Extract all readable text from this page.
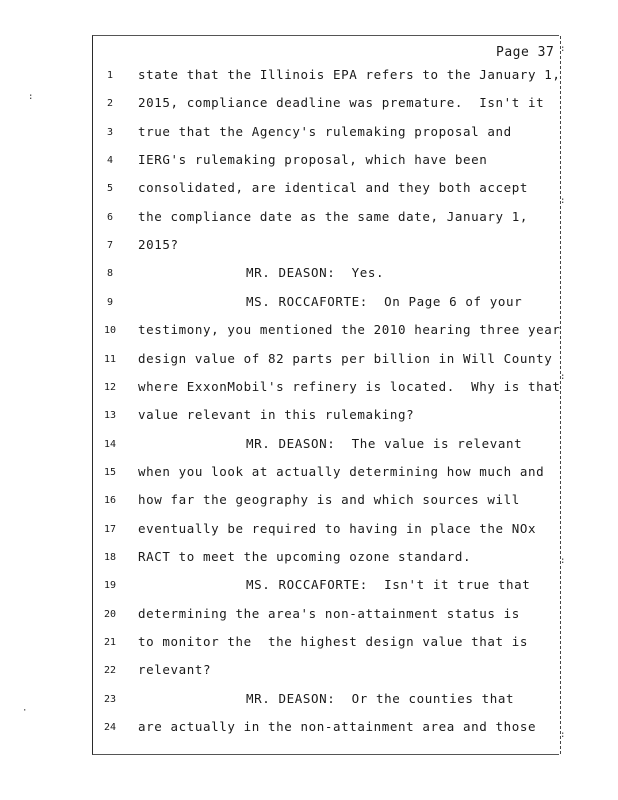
Page 37
1	state that the Illinois EPA refers to the January 1,
2	2015, compliance deadline was premature.  Isn't it
3	true that the Agency's rulemaking proposal and
4	IERG's rulemaking proposal, which have been
5	consolidated, are identical and they both accept
6	the compliance date as the same date, January 1,
7	2015?
8	MR. DEASON:  Yes.
9	MS. ROCCAFORTE:  On Page 6 of your
10	testimony, you mentioned the 2010 hearing three year
11	design value of 82 parts per billion in Will County
12	where ExxonMobil's refinery is located.  Why is that
13	value relevant in this rulemaking?
14	MR. DEASON:  The value is relevant
15	when you look at actually determining how much and
16	how far the geography is and which sources will
17	eventually be required to having in place the NOx
18	RACT to meet the upcoming ozone standard.
19	MS. ROCCAFORTE:  Isn't it true that
20	determining the area's non-attainment status is
21	to monitor the  the highest design value that is
22	relevant?
23	MR. DEASON:  Or the counties that
24	are actually in the non-attainment area and those
:
·
:
:
:
:
:
